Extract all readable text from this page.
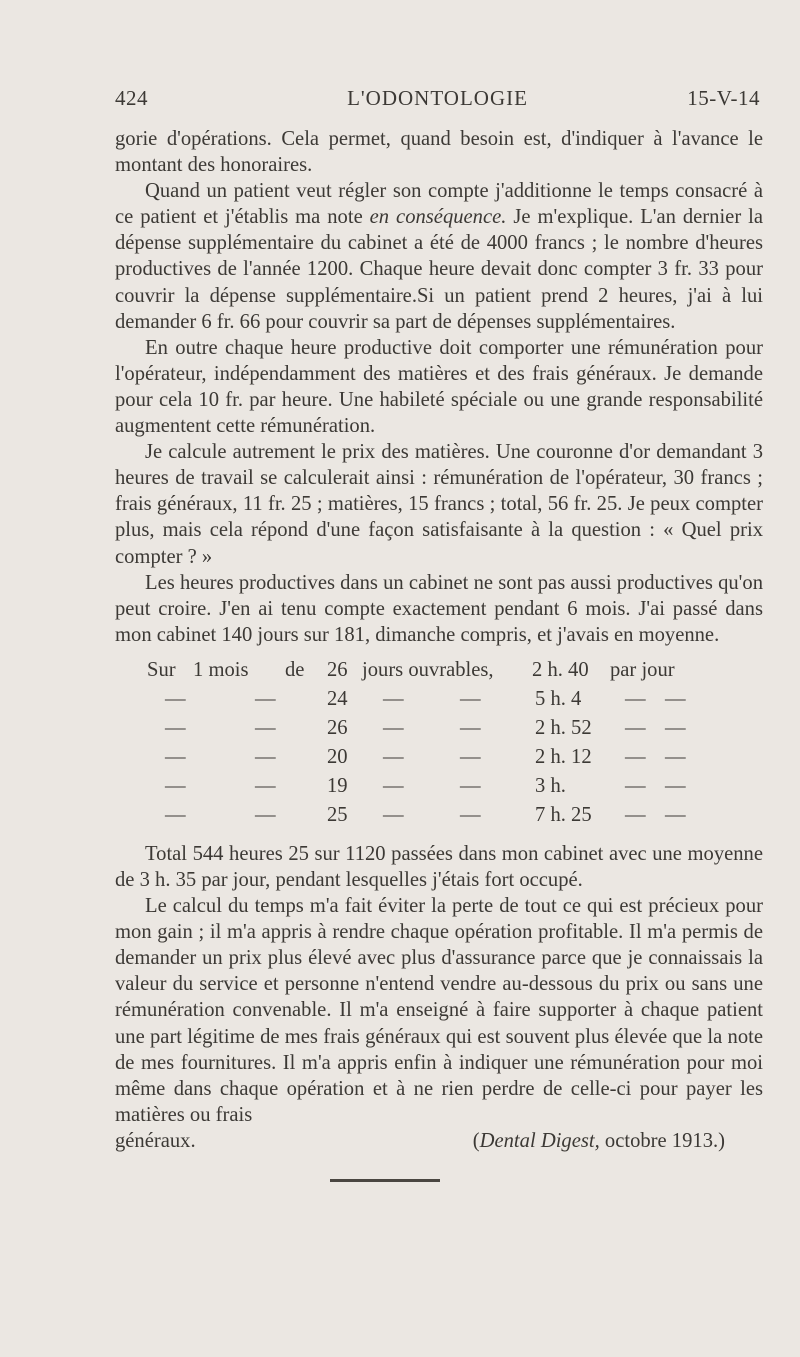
424	L'ODONTOLOGIE	15-V-14

gorie d'opérations. Cela permet, quand besoin est, d'indiquer à l'avance le montant des honoraires.

Quand un patient veut régler son compte j'additionne le temps consacré à ce patient et j'établis ma note en conséquence. Je m'explique. L'an dernier la dépense supplémentaire du cabinet a été de 4000 francs ; le nombre d'heures productives de l'année 1200. Chaque heure devait donc compter 3 fr. 33 pour couvrir la dépense supplémentaire.Si un patient prend 2 heures, j'ai à lui demander 6 fr. 66 pour couvrir sa part de dépenses supplémentaires.

En outre chaque heure productive doit comporter une rémunération pour l'opérateur, indépendamment des matières et des frais généraux. Je demande pour cela 10 fr. par heure. Une habileté spéciale ou une grande responsabilité augmentent cette rémunération.

Je calcule autrement le prix des matières. Une couronne d'or demandant 3 heures de travail se calculerait ainsi : rémunération de l'opérateur, 30 francs ; frais généraux, 11 fr. 25 ; matières, 15 francs ; total, 56 fr. 25. Je peux compter plus, mais cela répond d'une façon satisfaisante à la question : « Quel prix compter ? »

Les heures productives dans un cabinet ne sont pas aussi productives qu'on peut croire. J'en ai tenu compte exactement pendant 6 mois. J'ai passé dans mon cabinet 140 jours sur 181, dimanche compris, et j'avais en moyenne.

Sur 1 mois de 26 jours ouvrables, 2 h. 40 par jour
—	— 24 —	—	5 h. 4 — —
—	— 26 —	—	2 h. 52 — —
—	— 20 —	—	2 h. 12 — —
—	— 19 —	—	3 h.	— —
—	— 25 —	—	7 h. 25 — —

Total 544 heures 25 sur 1120 passées dans mon cabinet avec une moyenne de 3 h. 35 par jour, pendant lesquelles j'étais fort occupé.

Le calcul du temps m'a fait éviter la perte de tout ce qui est précieux pour mon gain ; il m'a appris à rendre chaque opération profitable. Il m'a permis de demander un prix plus élevé avec plus d'assurance parce que je connaissais la valeur du service et personne n'entend vendre au-dessous du prix ou sans une rémunération convenable. Il m'a enseigné à faire supporter à chaque patient une part légitime de mes frais généraux qui est souvent plus élevée que la note de mes fournitures. Il m'a appris enfin à indiquer une rémunération pour moi même dans chaque opération et à ne rien perdre de celle-ci pour payer les matières ou frais

généraux.	(Dental Digest, octobre 1913.)
